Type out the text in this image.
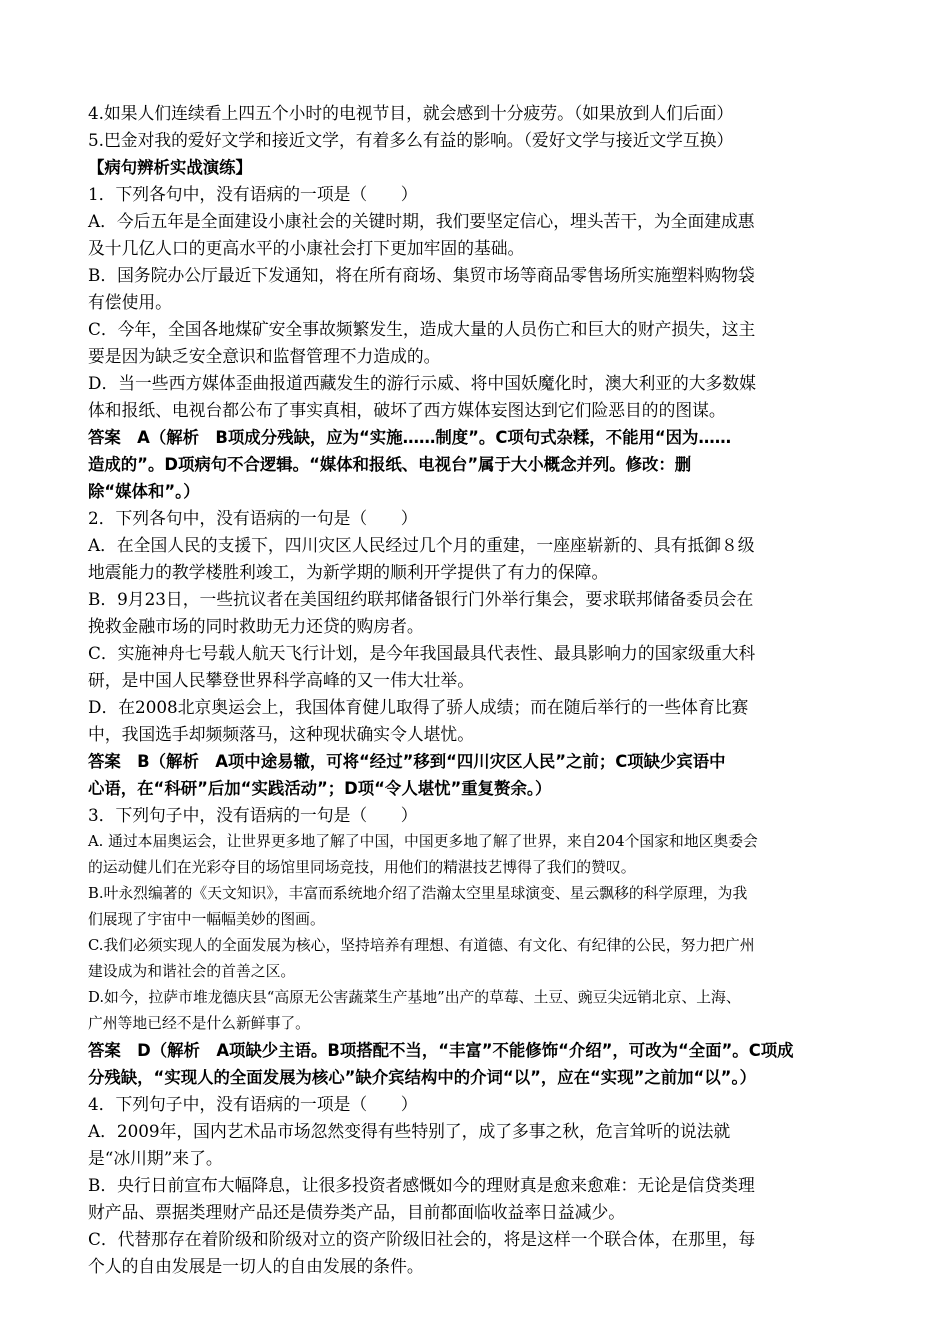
4.如果人们连续看上四五个小时的电视节目，就会感到十分疲劳。（如果放到人们后面）
5.巴金对我的爱好文学和接近文学，有着多么有益的影响。（爱好文学与接近文学互换）
【病句辨析实战演练】
1．下列各句中，没有语病的一项是（　　）
A．今后五年是全面建设小康社会的关键时期，我们要坚定信心，埋头苦干，为全面建成惠
及十几亿人口的更高水平的小康社会打下更加牢固的基础。
B．国务院办公厅最近下发通知，将在所有商场、集贸市场等商品零售场所实施塑料购物袋
有偿使用。
C．今年，全国各地煤矿安全事故频繁发生，造成大量的人员伤亡和巨大的财产损失，这主
要是因为缺乏安全意识和监督管理不力造成的。
D．当一些西方媒体歪曲报道西藏发生的游行示威、将中国妖魔化时，澳大利亚的大多数媒
体和报纸、电视台都公布了事实真相，破坏了西方媒体妄图达到它们险恶目的的图谋。
答案　A（解析　B项成分残缺，应为“实施……制度”。C项句式杂糅，不能用“因为……
造成的”。D项病句不合逻辑。“媒体和报纸、电视台”属于大小概念并列。修改：删
除“媒体和”。）
2．下列各句中，没有语病的一句是（　　）
A．在全国人民的支援下，四川灾区人民经过几个月的重建，一座座崭新的、具有抵御８级
地震能力的教学楼胜利竣工，为新学期的顺利开学提供了有力的保障。
B．9月23日，一些抗议者在美国纽约联邦储备银行门外举行集会，要求联邦储备委员会在
挽救金融市场的同时救助无力还贷的购房者。
C．实施神舟七号载人航天飞行计划，是今年我国最具代表性、最具影响力的国家级重大科
研，是中国人民攀登世界科学高峰的又一伟大壮举。
D．在2008北京奥运会上，我国体育健儿取得了骄人成绩；而在随后举行的一些体育比赛
中，我国选手却频频落马，这种现状确实令人堪忧。
答案　B（解析　A项中途易辙，可将“经过”移到“四川灾区人民”之前；C项缺少宾语中
心语，在“科研”后加“实践活动”；D项“令人堪忧”重复赘余。）
3．下列句子中，没有语病的一句是（　　）
A. 通过本届奥运会，让世界更多地了解了中国，中国更多地了解了世界，来自204个国家和地区奥委会
的运动健儿们在光彩夺目的场馆里同场竞技，用他们的精湛技艺博得了我们的赞叹。
B.叶永烈编著的《天文知识》，丰富而系统地介绍了浩瀚太空里星球演变、星云飘移的科学原理，为我
们展现了宇宙中一幅幅美妙的图画。
C.我们必须实现人的全面发展为核心，坚持培养有理想、有道德、有文化、有纪律的公民，努力把广州
建设成为和谐社会的首善之区。
D.如今，拉萨市堆龙德庆县“高原无公害蔬菜生产基地”出产的草莓、土豆、豌豆尖远销北京、上海、
广州等地已经不是什么新鲜事了。
答案　D（解析　A项缺少主语。B项搭配不当，“丰富”不能修饰“介绍”，可改为“全面”。C项成
分残缺，“实现人的全面发展为核心”缺介宾结构中的介词“以”，应在“实现”之前加“以”。）
4．下列句子中，没有语病的一项是（　　）
A．2009年，国内艺术品市场忽然变得有些特别了，成了多事之秋，危言耸听的说法就
是“冰川期”来了。
B．央行日前宣布大幅降息，让很多投资者感慨如今的理财真是愈来愈难：无论是信贷类理
财产品、票据类理财产品还是债券类产品，目前都面临收益率日益减少。
C．代替那存在着阶级和阶级对立的资产阶级旧社会的，将是这样一个联合体，在那里，每
个人的自由发展是一切人的自由发展的条件。
